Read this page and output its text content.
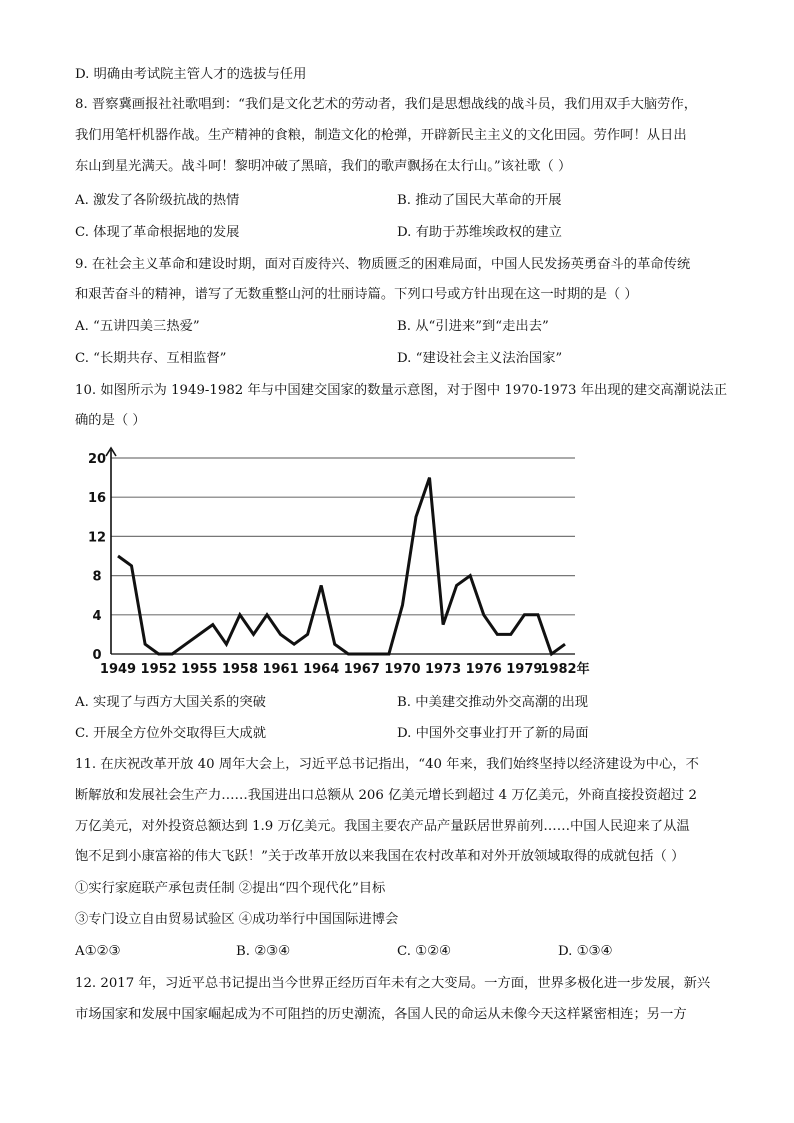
D. 明确由考试院主管人才的选拔与任用
8. 晋察冀画报社社歌唱到：“我们是文化艺术的劳动者，我们是思想战线的战斗员，我们用双手大脑劳作，
我们用笔杆机器作战。生产精神的食粮，制造文化的枪弹，开辟新民主主义的文化田园。劳作呵！从日出
东山到星光满天。战斗呵！黎明冲破了黑暗，我们的歌声飘扬在太行山。”该社歌（ ）
A. 激发了各阶级抗战的热情	B. 推动了国民大革命的开展
C. 体现了革命根据地的发展	D. 有助于苏维埃政权的建立
9. 在社会主义革命和建设时期，面对百废待兴、物质匮乏的困难局面，中国人民发扬英勇奋斗的革命传统
和艰苦奋斗的精神，谱写了无数重整山河的壮丽诗篇。下列口号或方针出现在这一时期的是（ ）
A. “五讲四美三热爱”	B. 从“引进来”到“走出去”
C. “长期共存、互相监督”	D. “建设社会主义法治国家”
10. 如图所示为 1949-1982 年与中国建交国家的数量示意图，对于图中 1970-1973 年出现的建交高潮说法正
确的是（ ）
0
4
8
12
16
20
1949 1952 1955 1958 1961 1964 1967 1970 1973 1976 1979
1982年
A. 实现了与西方大国关系的突破	B. 中美建交推动外交高潮的出现
C. 开展全方位外交取得巨大成就	D. 中国外交事业打开了新的局面
11. 在庆祝改革开放 40 周年大会上，习近平总书记指出，“40 年来，我们始终坚持以经济建设为中心，不
断解放和发展社会生产力……我国进出口总额从 206 亿美元增长到超过 4 万亿美元，外商直接投资超过 2
万亿美元，对外投资总额达到 1.9 万亿美元。我国主要农产品产量跃居世界前列……中国人民迎来了从温
饱不足到小康富裕的伟大飞跃！”关于改革开放以来我国在农村改革和对外开放领域取得的成就包括（ ）
①实行家庭联产承包责任制 ②提出“四个现代化”目标
③专门设立自由贸易试验区 ④成功举行中国国际进博会
A①②③	B. ②③④	C. ①②④	D. ①③④
12. 2017 年，习近平总书记提出当今世界正经历百年未有之大变局。一方面，世界多极化进一步发展，新兴
市场国家和发展中国家崛起成为不可阻挡的历史潮流，各国人民的命运从未像今天这样紧密相连；另一方
